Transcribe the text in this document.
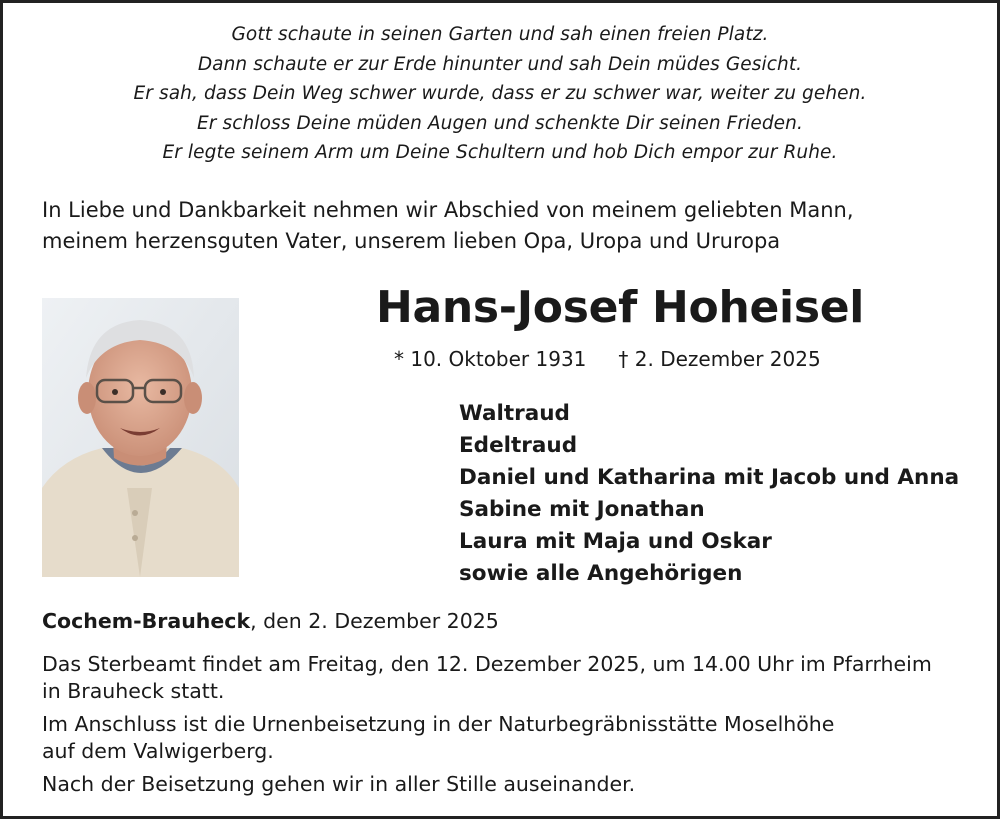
Gott schaute in seinen Garten und sah einen freien Platz.
Dann schaute er zur Erde hinunter und sah Dein müdes Gesicht.
Er sah, dass Dein Weg schwer wurde, dass er zu schwer war, weiter zu gehen.
Er schloss Deine müden Augen und schenkte Dir seinen Frieden.
Er legte seinem Arm um Deine Schultern und hob Dich empor zur Ruhe.
In Liebe und Dankbarkeit nehmen wir Abschied von meinem geliebten Mann,
meinem herzensguten Vater, unserem lieben Opa, Uropa und Ururopa
Hans-Josef Hoheisel
* 10. Oktober 1931 † 2. Dezember 2025
Waltraud
Edeltraud
Daniel und Katharina mit Jacob und Anna
Sabine mit Jonathan
Laura mit Maja und Oskar
sowie alle Angehörigen
Cochem-Brauheck, den 2. Dezember 2025
Das Sterbeamt findet am Freitag, den 12. Dezember 2025, um 14.00 Uhr im Pfarrheim
in Brauheck statt.
Im Anschluss ist die Urnenbeisetzung in der Naturbegräbnisstätte Moselhöhe
auf dem Valwigerberg.
Nach der Beisetzung gehen wir in aller Stille auseinander.
